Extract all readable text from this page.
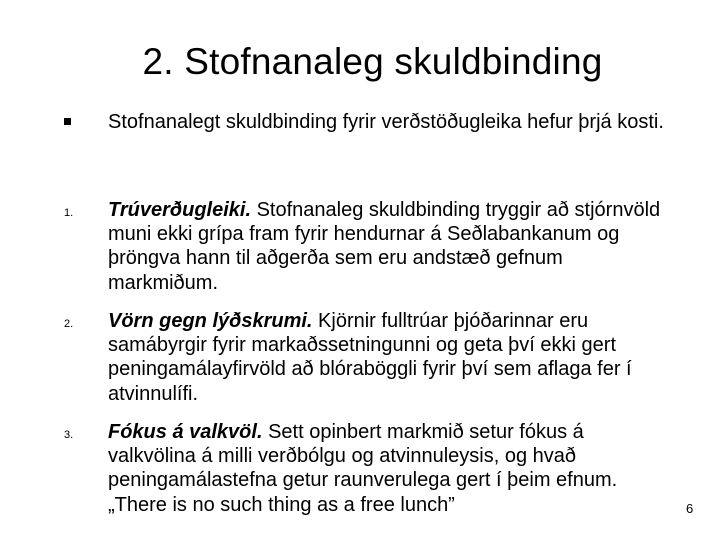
2. Stofnanaleg skuldbinding
Stofnanalegt skuldbinding fyrir verðstöðugleika hefur þrjá kosti.
1. Trúverðugleiki. Stofnanaleg skuldbinding tryggir að stjórnvöld muni ekki grípa fram fyrir hendurnar á Seðlabankanum og þröngva hann til aðgerða sem eru andstæð gefnum markmiðum.
2. Vörn gegn lýðskrumi. Kjörnir fulltrúar þjóðarinnar eru samábyrgir fyrir markaðssetningunni og geta því ekki gert peningamálayfirvöld að blóraböggli fyrir því sem aflaga fer í atvinnulífi.
3. Fókus á valkvöl. Sett opinbert markmið setur fókus á valkvölina á milli verðbólgu og atvinnuleysis, og hvað peningamálastefna getur raunverulega gert í þeim efnum. „There is no such thing as a free lunch”	6
